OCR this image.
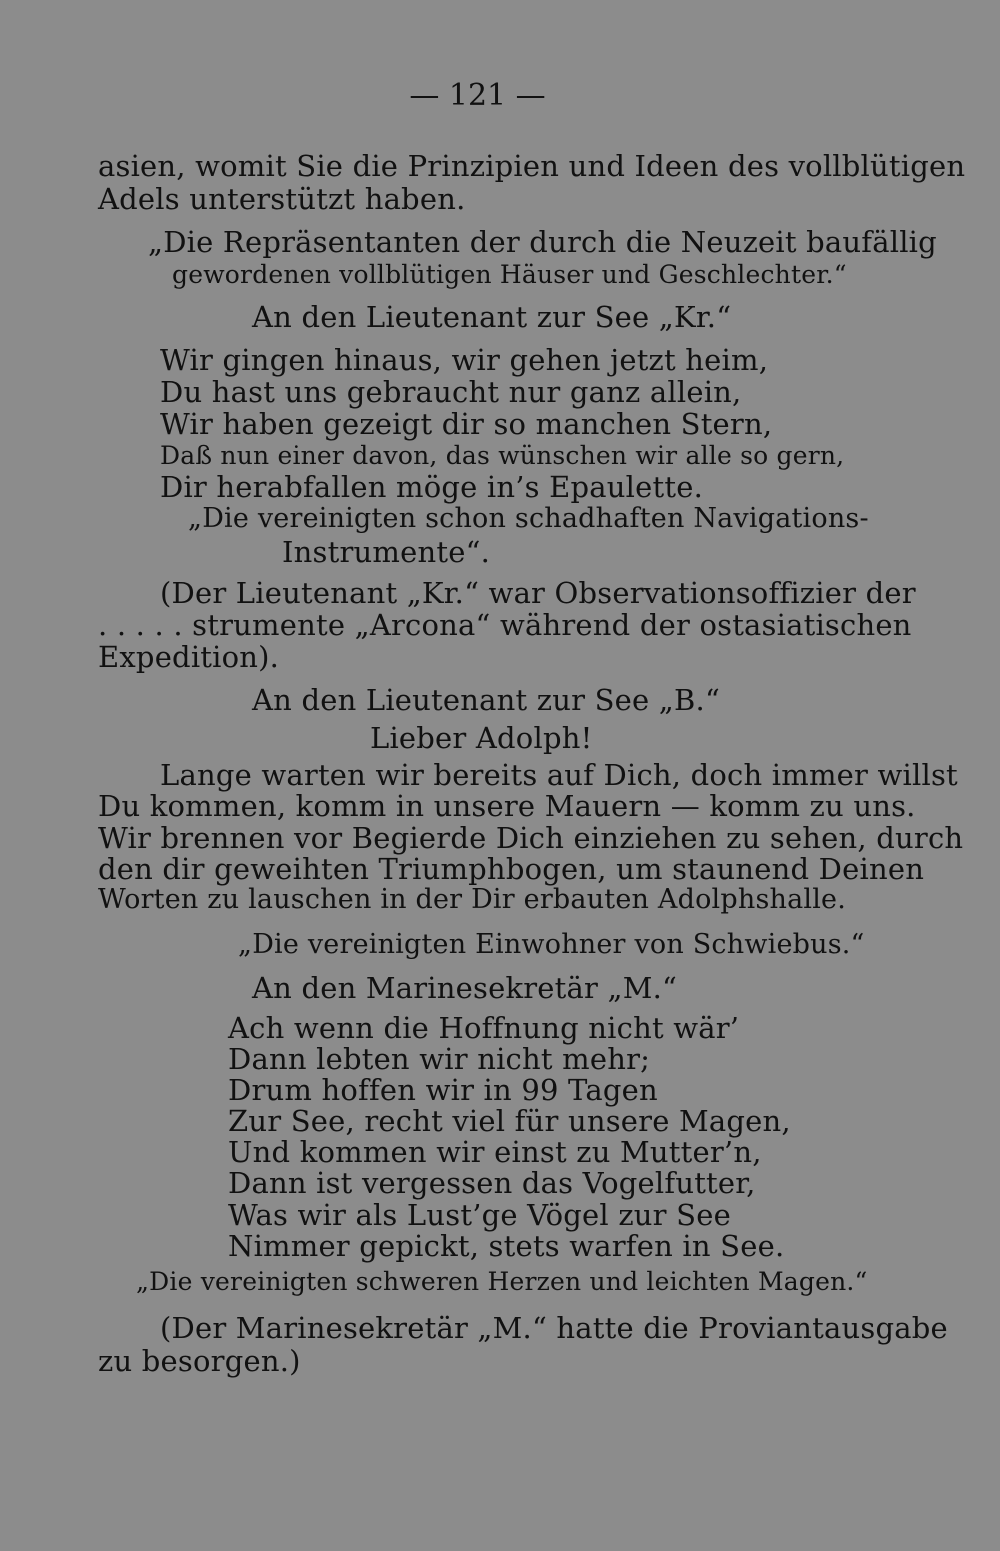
— 121 —
asien, womit Sie die Prinzipien und Ideen des vollblütigen
Adels unterstützt haben.
„Die Repräsentanten der durch die Neuzeit baufällig
gewordenen vollblütigen Häuser und Geschlechter.“
An den Lieutenant zur See „Kr.“
Wir gingen hinaus, wir gehen jetzt heim,
Du hast uns gebraucht nur ganz allein,
Wir haben gezeigt dir so manchen Stern,
Daß nun einer davon, das wünschen wir alle so gern,
Dir herabfallen möge in’s Epaulette.
„Die vereinigten schon schadhaften Navigations-
Instrumente“.
(Der Lieutenant „Kr.“ war Observationsoffizier der
. . . . . strumente „Arcona“ während der ostasiatischen
Expedition).
An den Lieutenant zur See „B.“
Lieber Adolph!
Lange warten wir bereits auf Dich, doch immer willst
Du kommen, komm in unsere Mauern — komm zu uns.
Wir brennen vor Begierde Dich einziehen zu sehen, durch
den dir geweihten Triumphbogen, um staunend Deinen
Worten zu lauschen in der Dir erbauten Adolphshalle.
„Die vereinigten Einwohner von Schwiebus.“
An den Marinesekretär „M.“
Ach wenn die Hoffnung nicht wär’
Dann lebten wir nicht mehr;
Drum hoffen wir in 99 Tagen
Zur See, recht viel für unsere Magen,
Und kommen wir einst zu Mutter’n,
Dann ist vergessen das Vogelfutter,
Was wir als Lust’ge Vögel zur See
Nimmer gepickt, stets warfen in See.
„Die vereinigten schweren Herzen und leichten Magen.“
(Der Marinesekretär „M.“ hatte die Proviantausgabe
zu besorgen.)
